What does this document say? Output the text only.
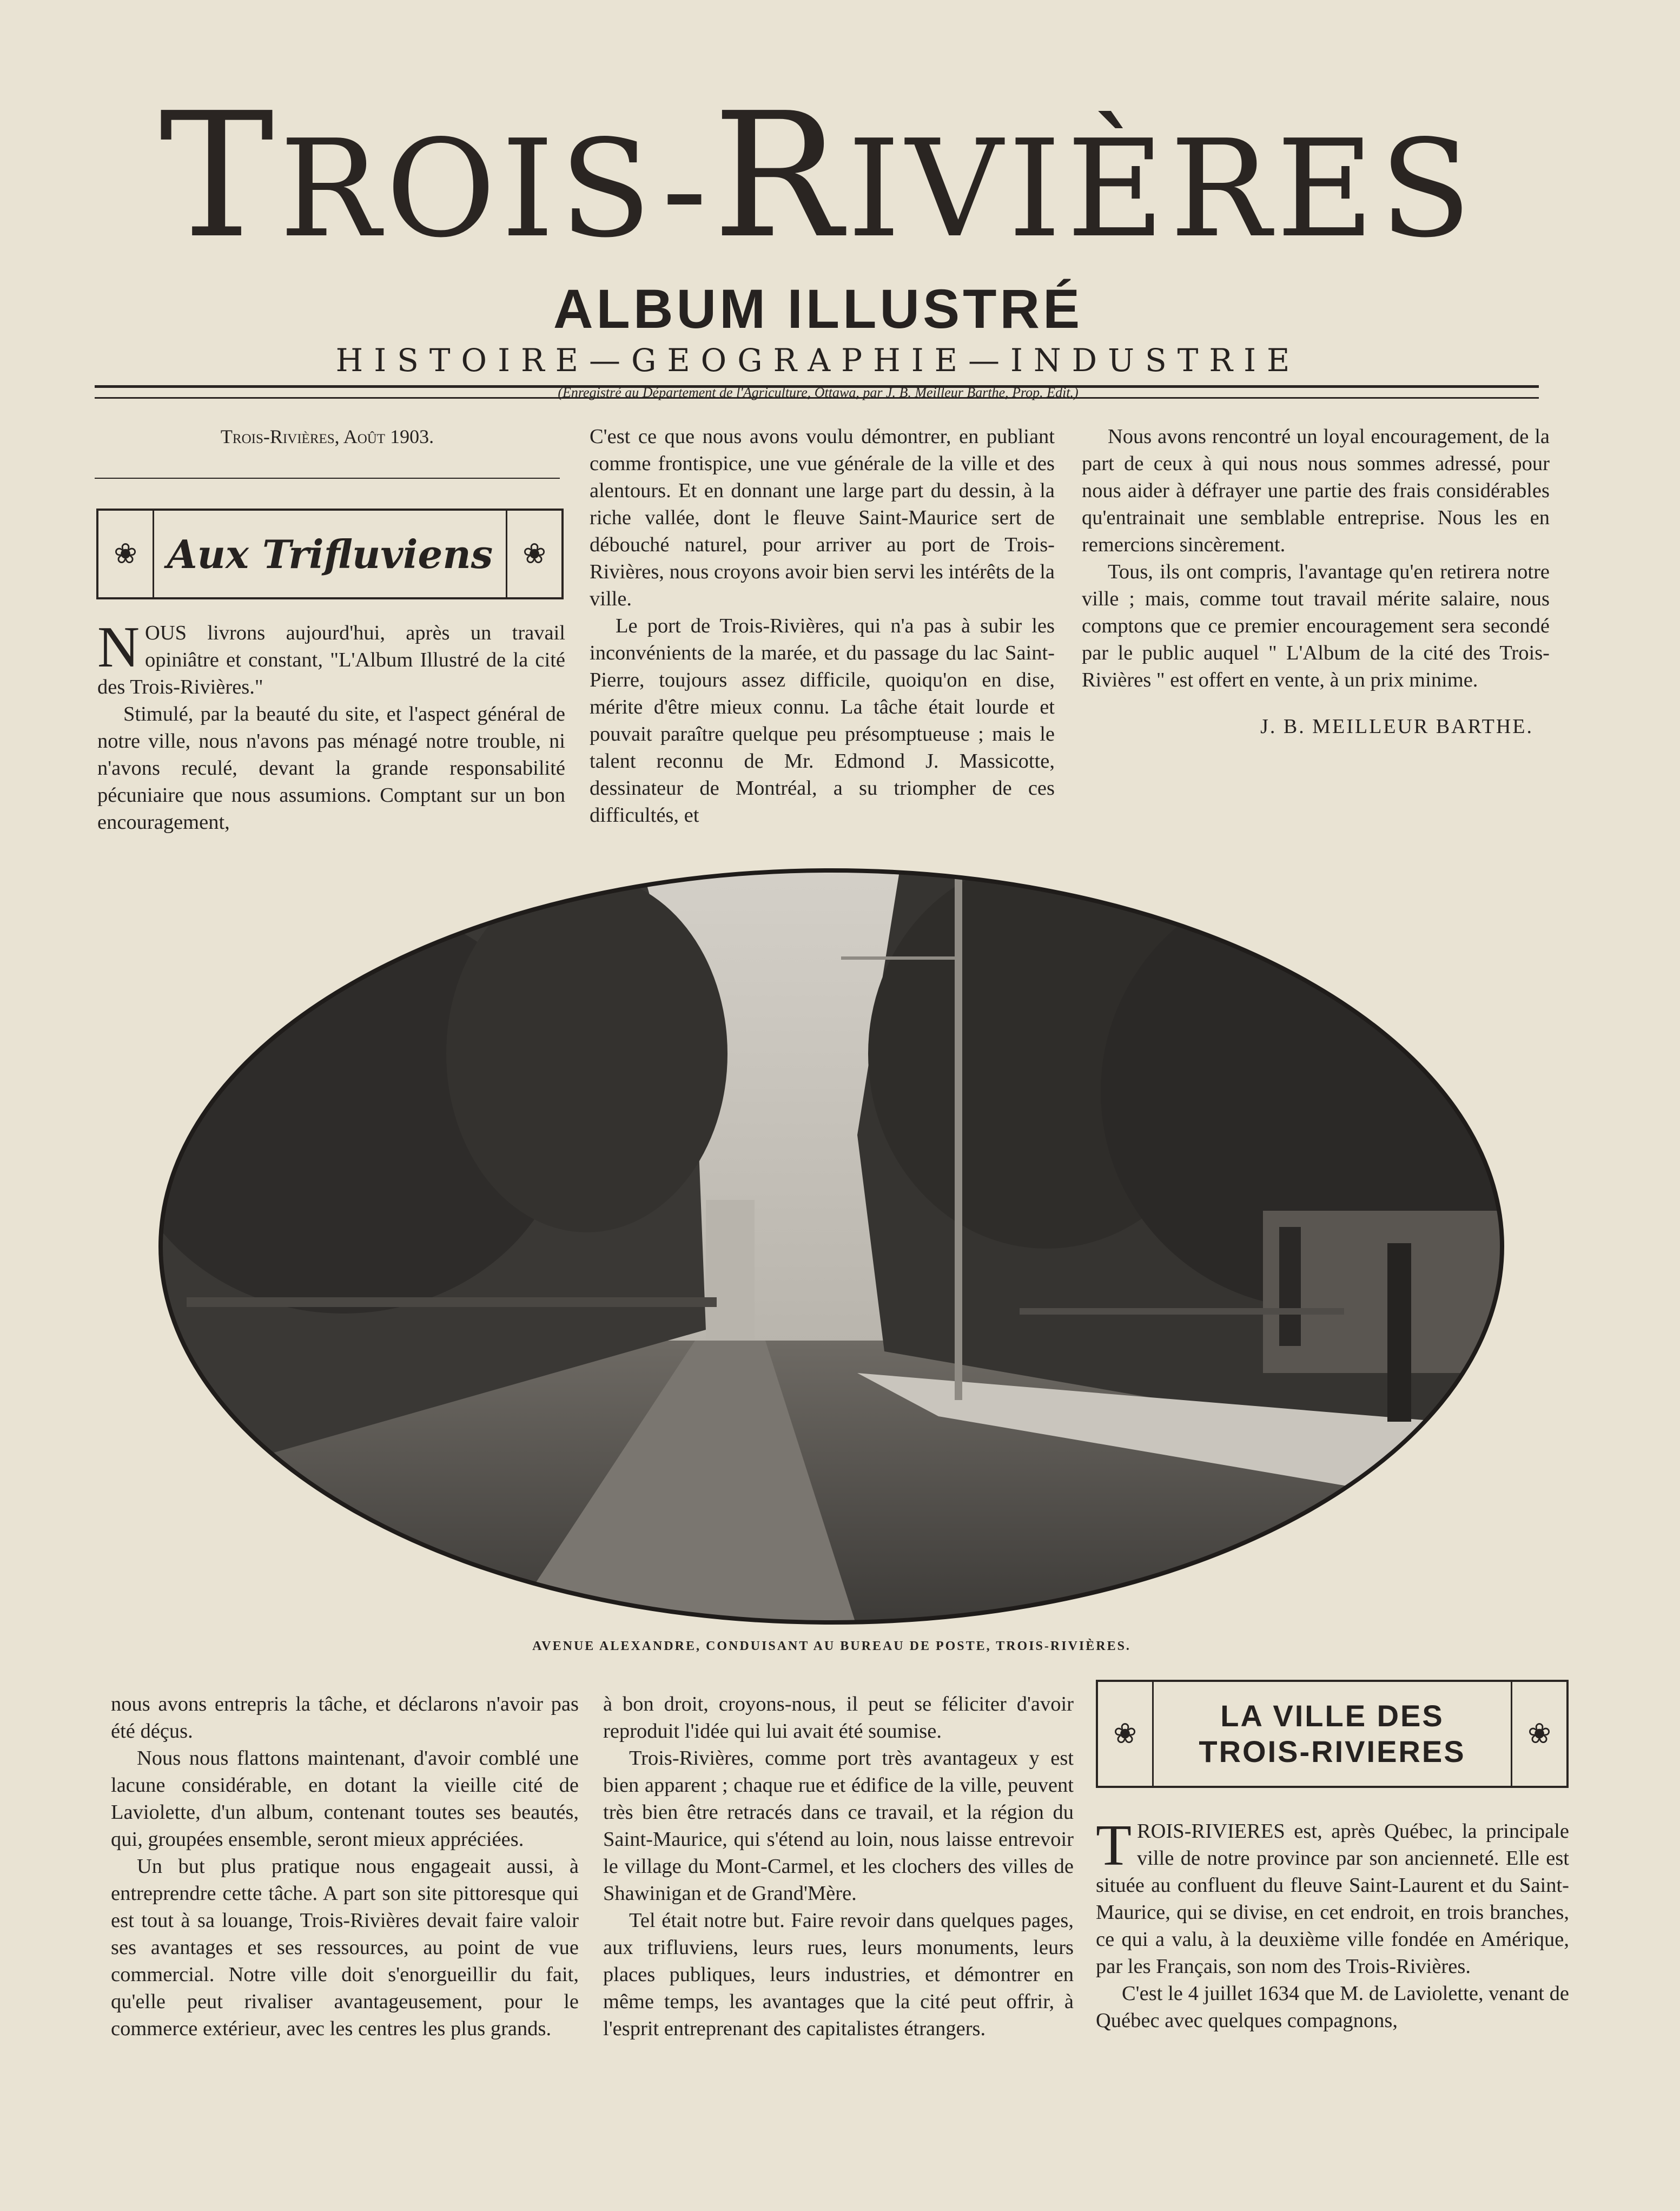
TROIS-RIVIÈRES
ALBUM ILLUSTRÉ
HISTOIRE—GEOGRAPHIE—INDUSTRIE
(Enregistré au Département de l'Agriculture, Ottawa, par J. B. Meilleur Barthe, Prop. Edit.)
Trois-Rivières, Août 1903.
❀ Aux Trifluviens	❀

NOUS livrons aujourd'hui, après un travail opiniâtre et constant, "L'Album Illustré de la cité des Trois-Rivières."

Stimulé, par la beauté du site, et l'aspect général de notre ville, nous n'avons pas ménagé notre trouble, ni n'avons reculé, devant la grande responsabilité pécuniaire que nous assumions. Comptant sur un bon encouragement,

C'est ce que nous avons voulu démontrer, en publiant comme frontispice, une vue générale de la ville et des alentours. Et en donnant une large part du dessin, à la riche vallée, dont le fleuve Saint-Maurice sert de débouché naturel, pour arriver au port de Trois-Rivières, nous croyons avoir bien servi les intérêts de la ville.

Le port de Trois-Rivières, qui n'a pas à subir les inconvénients de la marée, et du passage du lac Saint-Pierre, toujours assez difficile, quoiqu'on en dise, mérite d'être mieux connu. La tâche était lourde et pouvait paraître quelque peu présomptueuse ; mais le talent reconnu de Mr. Edmond J. Massicotte, dessinateur de Montréal, a su triompher de ces difficultés, et

Nous avons rencontré un loyal encouragement, de la part de ceux à qui nous nous sommes adressé, pour nous aider à défrayer une partie des frais considérables qu'entrainait une semblable entreprise. Nous les en remercions sincèrement.

Tous, ils ont compris, l'avantage qu'en retirera notre ville ; mais, comme tout travail mérite salaire, nous comptons que ce premier encouragement sera secondé par le public auquel " L'Album de la cité des Trois-Rivières " est offert en vente, à un prix minime.

J. B. MEILLEUR BARTHE.
AVENUE ALEXANDRE, CONDUISANT AU BUREAU DE POSTE, TROIS-RIVIÈRES.

nous avons entrepris la tâche, et déclarons n'avoir pas été déçus.

Nous nous flattons maintenant, d'avoir comblé une lacune considérable, en dotant la vieille cité de Laviolette, d'un album, contenant toutes ses beautés, qui, groupées ensemble, seront mieux appréciées.

Un but plus pratique nous engageait aussi, à entreprendre cette tâche. A part son site pittoresque qui est tout à sa louange, Trois-Rivières devait faire valoir ses avantages et ses ressources, au point de vue commercial. Notre ville doit s'enorgueillir du fait, qu'elle peut rivaliser avantageusement, pour le commerce extérieur, avec les centres les plus grands.

à bon droit, croyons-nous, il peut se féliciter d'avoir reproduit l'idée qui lui avait été soumise.

Trois-Rivières, comme port très avantageux y est bien apparent ; chaque rue et édifice de la ville, peuvent très bien être retracés dans ce travail, et la région du Saint-Maurice, qui s'étend au loin, nous laisse entrevoir le village du Mont-Carmel, et les clochers des villes de Shawinigan et de Grand'Mère.

Tel était notre but. Faire revoir dans quelques pages, aux trifluviens, leurs rues, leurs monuments, leurs places publiques, leurs industries, et démontrer en même temps, les avantages que la cité peut offrir, à l'esprit entreprenant des capitalistes étrangers.

❀
LA VILLE DES
TROIS-RIVIERES
❀

TROIS-RIVIERES est, après Québec, la principale ville de notre province par son ancienneté. Elle est située au confluent du fleuve Saint-Laurent et du Saint-Maurice, qui se divise, en cet endroit, en trois branches, ce qui a valu, à la deuxième ville fondée en Amérique, par les Français, son nom des Trois-Rivières.

C'est le 4 juillet 1634 que M. de Laviolette, venant de Québec avec quelques compagnons,
